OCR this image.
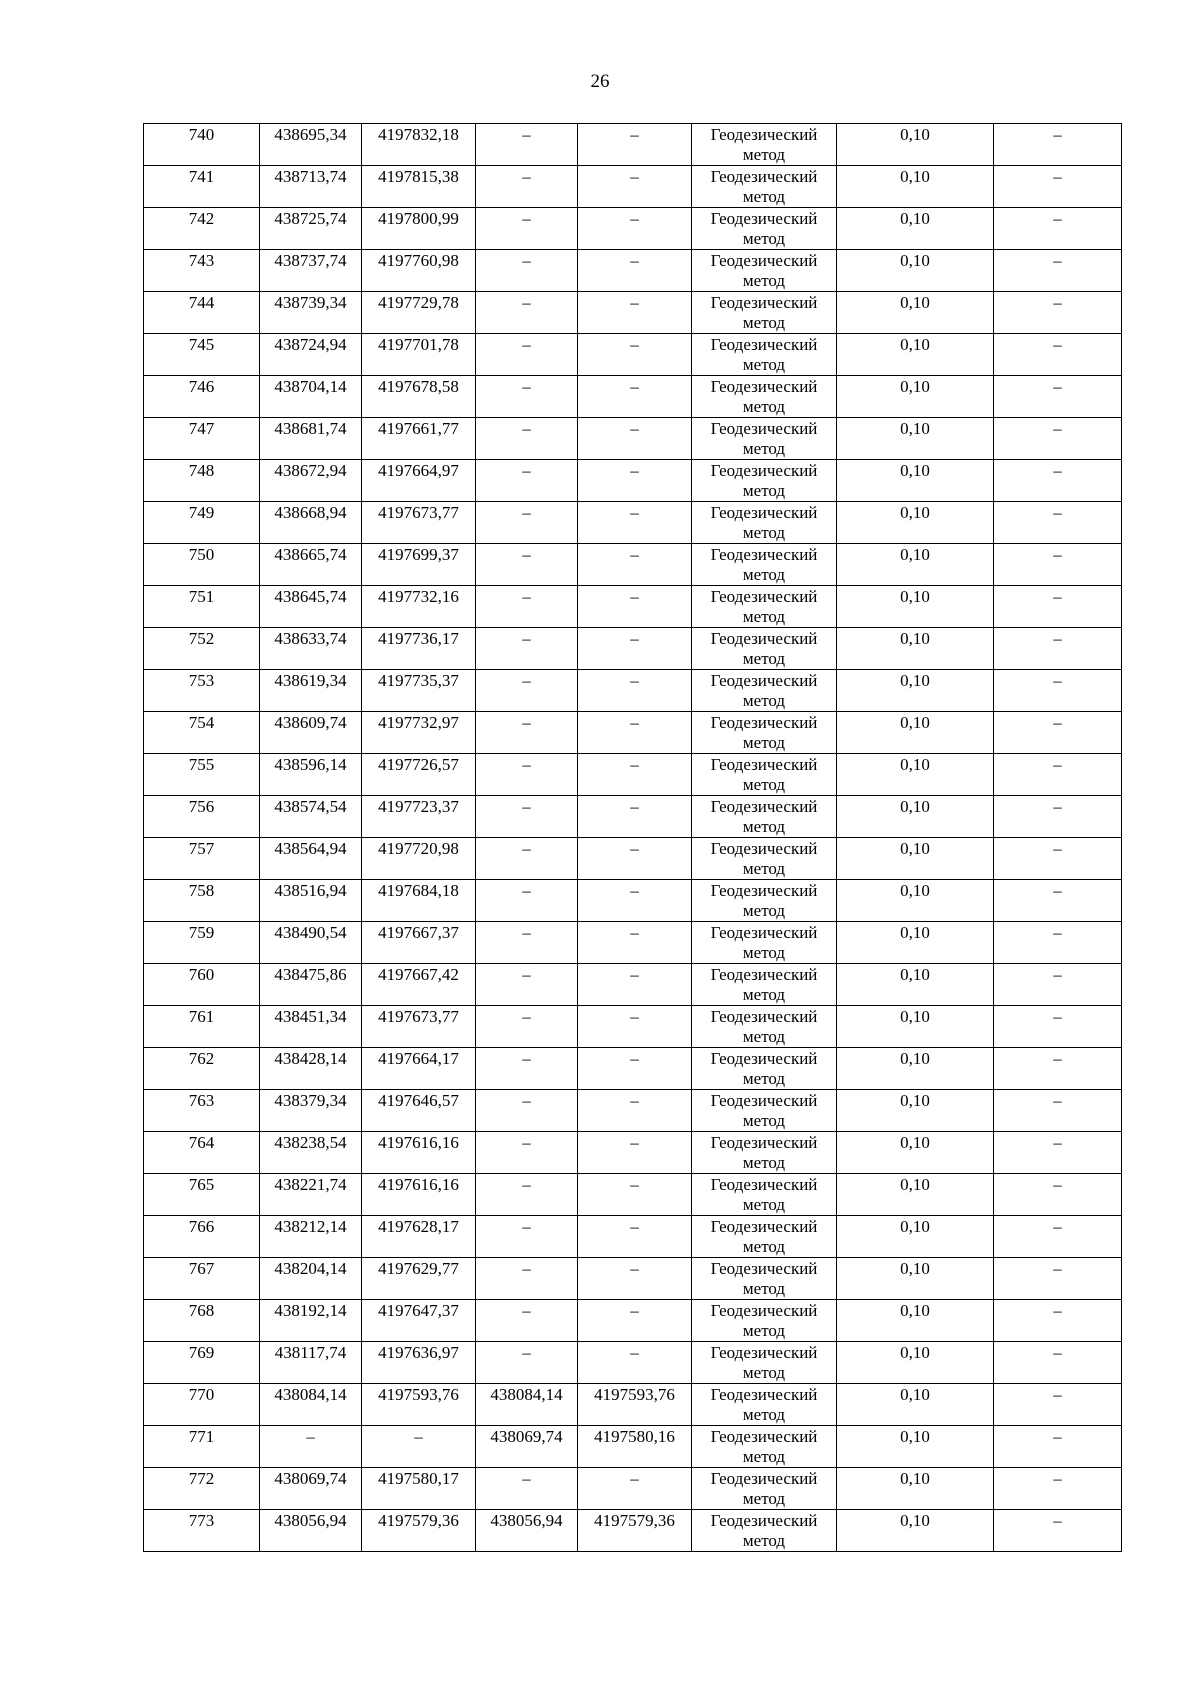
26
740	438695,34	4197832,18	–	–	Геодезический метод	0,10	–

741	438713,74	4197815,38	–	–	Геодезический метод	0,10	–

742	438725,74	4197800,99	–	–	Геодезический метод	0,10	–

743	438737,74	4197760,98	–	–	Геодезический метод	0,10	–

744	438739,34	4197729,78	–	–	Геодезический метод	0,10	–

745	438724,94	4197701,78	–	–	Геодезический метод	0,10	–

746	438704,14	4197678,58	–	–	Геодезический метод	0,10	–

747	438681,74	4197661,77	–	–	Геодезический метод	0,10	–

748	438672,94	4197664,97	–	–	Геодезический метод	0,10	–

749	438668,94	4197673,77	–	–	Геодезический метод	0,10	–

750	438665,74	4197699,37	–	–	Геодезический метод	0,10	–

751	438645,74	4197732,16	–	–	Геодезический метод	0,10	–

752	438633,74	4197736,17	–	–	Геодезический метод	0,10	–

753	438619,34	4197735,37	–	–	Геодезический метод	0,10	–

754	438609,74	4197732,97	–	–	Геодезический метод	0,10	–

755	438596,14	4197726,57	–	–	Геодезический метод	0,10	–

756	438574,54	4197723,37	–	–	Геодезический метод	0,10	–

757	438564,94	4197720,98	–	–	Геодезический метод	0,10	–

758	438516,94	4197684,18	–	–	Геодезический метод	0,10	–

759	438490,54	4197667,37	–	–	Геодезический метод	0,10	–

760	438475,86	4197667,42	–	–	Геодезический метод	0,10	–

761	438451,34	4197673,77	–	–	Геодезический метод	0,10	–

762	438428,14	4197664,17	–	–	Геодезический метод	0,10	–

763	438379,34	4197646,57	–	–	Геодезический метод	0,10	–

764	438238,54	4197616,16	–	–	Геодезический метод	0,10	–

765	438221,74	4197616,16	–	–	Геодезический метод	0,10	–

766	438212,14	4197628,17	–	–	Геодезический метод	0,10	–

767	438204,14	4197629,77	–	–	Геодезический метод	0,10	–

768	438192,14	4197647,37	–	–	Геодезический метод	0,10	–

769	438117,74	4197636,97	–	–	Геодезический метод	0,10	–

770	438084,14	4197593,76	438084,14	4197593,76	Геодезический метод	0,10	–

771	–	–	438069,74	4197580,16	Геодезический метод	0,10	–

772	438069,74	4197580,17	–	–	Геодезический метод	0,10	–

773	438056,94	4197579,36	438056,94	4197579,36	Геодезический метод	0,10	–
